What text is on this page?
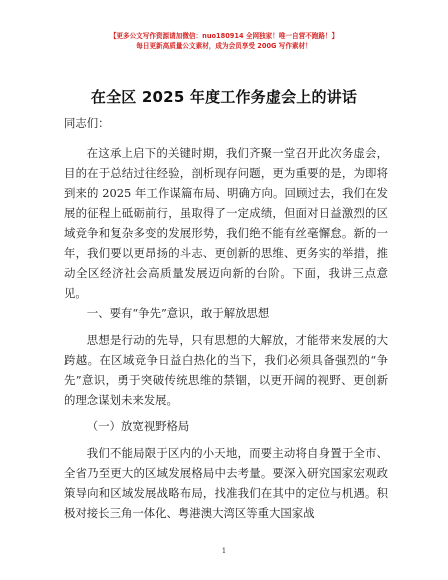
【更多公文写作资源请加微信：nuo180914 全网独家！唯一自营不跑路！】
每日更新高质量公文素材，成为会员享受 200G 写作素材！
在全区 2025 年度工作务虚会上的讲话
同志们：
在这承上启下的关键时期，我们齐聚一堂召开此次务虚会，目的在于总结过往经验，剖析现存问题，更为重要的是，为即将到来的 2025 年工作谋篇布局、明确方向。回顾过去，我们在发展的征程上砥砺前行，虽取得了一定成绩，但面对日益激烈的区域竞争和复杂多变的发展形势，我们绝不能有丝毫懈怠。新的一年，我们要以更昂扬的斗志、更创新的思维、更务实的举措，推动全区经济社会高质量发展迈向新的台阶。下面，我讲三点意见。
一、要有“争先”意识，敢于解放思想
思想是行动的先导，只有思想的大解放，才能带来发展的大跨越。在区域竞争日益白热化的当下，我们必须具备强烈的“争先”意识，勇于突破传统思维的禁锢，以更开阔的视野、更创新的理念谋划未来发展。
（一）放宽视野格局
我们不能局限于区内的小天地，而要主动将自身置于全市、全省乃至更大的区域发展格局中去考量。要深入研究国家宏观政策导向和区域发展战略布局，找准我们在其中的定位与机遇。积极对接长三角一体化、粤港澳大湾区等重大国家战
1
